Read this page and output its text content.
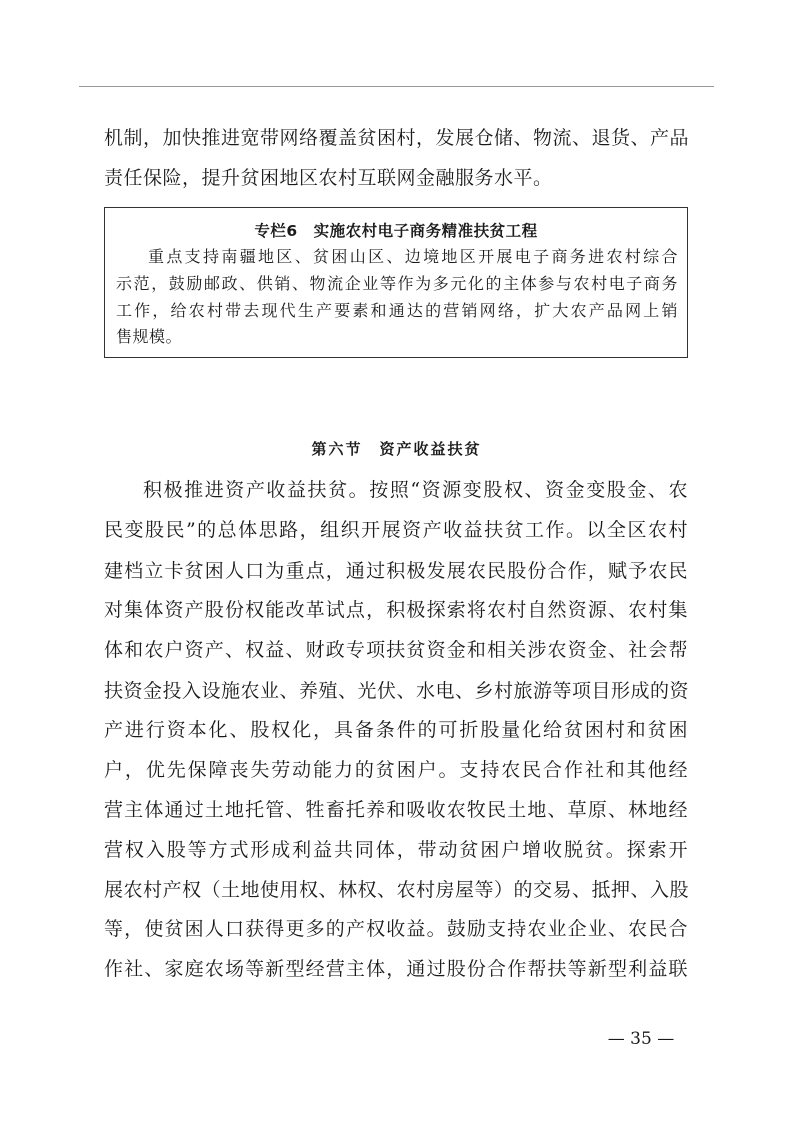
机制，加快推进宽带网络覆盖贫困村，发展仓储、物流、退货、产品
责任保险，提升贫困地区农村互联网金融服务水平。
专栏6　实施农村电子商务精准扶贫工程
重点支持南疆地区、贫困山区、边境地区开展电子商务进农村综合
示范，鼓励邮政、供销、物流企业等作为多元化的主体参与农村电子商务
工作，给农村带去现代生产要素和通达的营销网络，扩大农产品网上销
售规模。
第六节　资产收益扶贫
积极推进资产收益扶贫。按照“资源变股权、资金变股金、农
民变股民”的总体思路，组织开展资产收益扶贫工作。以全区农村
建档立卡贫困人口为重点，通过积极发展农民股份合作，赋予农民
对集体资产股份权能改革试点，积极探索将农村自然资源、农村集
体和农户资产、权益、财政专项扶贫资金和相关涉农资金、社会帮
扶资金投入设施农业、养殖、光伏、水电、乡村旅游等项目形成的资
产进行资本化、股权化，具备条件的可折股量化给贫困村和贫困
户，优先保障丧失劳动能力的贫困户。支持农民合作社和其他经
营主体通过土地托管、牲畜托养和吸收农牧民土地、草原、林地经
营权入股等方式形成利益共同体，带动贫困户增收脱贫。探索开
展农村产权（土地使用权、林权、农村房屋等）的交易、抵押、入股
等，使贫困人口获得更多的产权收益。鼓励支持农业企业、农民合
作社、家庭农场等新型经营主体，通过股份合作帮扶等新型利益联
— 35 —
